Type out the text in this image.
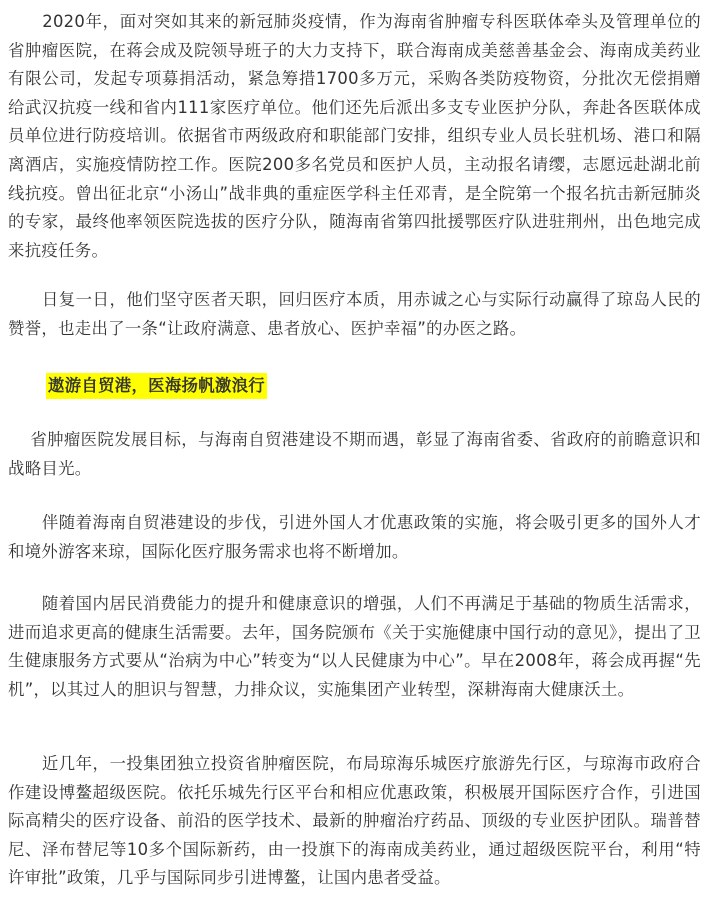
　　2020年，面对突如其来的新冠肺炎疫情，作为海南省肿瘤专科医联体牵头及管理单位的省肿瘤医院，在蒋会成及院领导班子的大力支持下，联合海南成美慈善基金会、海南成美药业有限公司，发起专项募捐活动，紧急筹措1700多万元，采购各类防疫物资，分批次无偿捐赠给武汉抗疫一线和省内111家医疗单位。他们还先后派出多支专业医护分队，奔赴各医联体成员单位进行防疫培训。依据省市两级政府和职能部门安排，组织专业人员长驻机场、港口和隔离酒店，实施疫情防控工作。医院200多名党员和医护人员，主动报名请缨，志愿远赴湖北前线抗疫。曾出征北京“小汤山”战非典的重症医学科主任邓青，是全院第一个报名抗击新冠肺炎的专家，最终他率领医院选拔的医疗分队，随海南省第四批援鄂医疗队进驻荆州，出色地完成来抗疫任务。

　　日复一日，他们坚守医者天职，回归医疗本质，用赤诚之心与实际行动赢得了琼岛人民的赞誉，也走出了一条“让政府满意、患者放心、医护幸福”的办医之路。

遨游自贸港，医海扬帆激浪行

　 省肿瘤医院发展目标，与海南自贸港建设不期而遇，彰显了海南省委、省政府的前瞻意识和战略目光。

　　伴随着海南自贸港建设的步伐，引进外国人才优惠政策的实施，将会吸引更多的国外人才和境外游客来琼，国际化医疗服务需求也将不断增加。

　　随着国内居民消费能力的提升和健康意识的增强，人们不再满足于基础的物质生活需求，进而追求更高的健康生活需要。去年，国务院颁布《关于实施健康中国行动的意见》，提出了卫生健康服务方式要从“治病为中心”转变为“以人民健康为中心”。早在2008年，蒋会成再握“先机”，以其过人的胆识与智慧，力排众议，实施集团产业转型，深耕海南大健康沃土。

　　近几年，一投集团独立投资省肿瘤医院，布局琼海乐城医疗旅游先行区，与琼海市政府合作建设博鳌超级医院。依托乐城先行区平台和相应优惠政策，积极展开国际医疗合作，引进国际高精尖的医疗设备、前沿的医学技术、最新的肿瘤治疗药品、顶级的专业医护团队。瑞普替尼、泽布替尼等10多个国际新药，由一投旗下的海南成美药业，通过超级医院平台，利用“特许审批”政策，几乎与国际同步引进博鳌，让国内患者受益。
